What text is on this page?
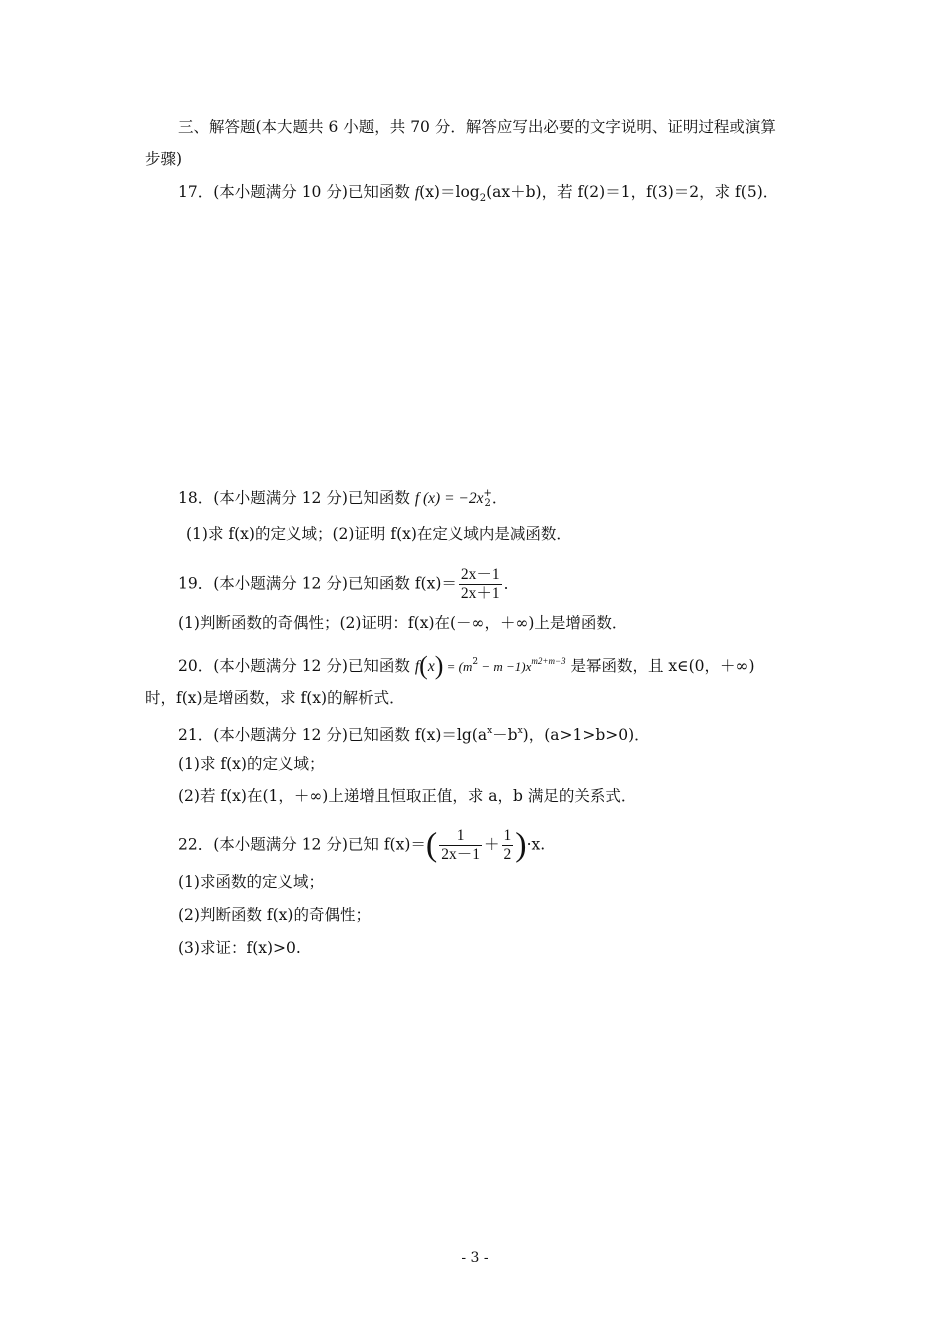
三、解答题(本大题共 6 小题，共 70 分．解答应写出必要的文字说明、证明过程或演算
步骤)
17．(本小题满分 10 分)已知函数 $f(x)=\log_2(ax+b)$，若 f(2)＝1，f(3)＝2，求 f(5)．
18．(本小题满分 12 分)已知函数 f (x) = −2x +
2 ．
(1)求 f(x)的定义域；(2)证明 f(x)在定义域内是减函数．
19．(本小题满分 12 分)已知函数 $f(x)= \frac{2x-1}{2x+1}$ ．
(1)判断函数的奇偶性；(2)证明：f(x)在(－∞，＋∞)上是增函数．
20．(本小题满分 12 分)已知函数 $f(x) = (m^2 - m -1)x^{m2+m-3}$ 是幂函数，且 x∈(0，＋∞)
时，f(x)是增函数，求 f(x)的解析式．
21．(本小题满分 12 分)已知函数 $f(x)=\lg(a^x-b^x)$，(a>1>b>0)．
(1)求 f(x)的定义域；
(2)若 f(x)在(1，＋∞)上递增且恒取正值，求 a，b 满足的关系式．
22．(本小题满分 12 分)已知 $f(x)=( \frac{1}{2x-1} + \frac{1}{2} )\cdot x$.
(1)求函数的定义域；
(2)判断函数 f(x)的奇偶性；
(3)求证：f(x)>0.
- 3 -
